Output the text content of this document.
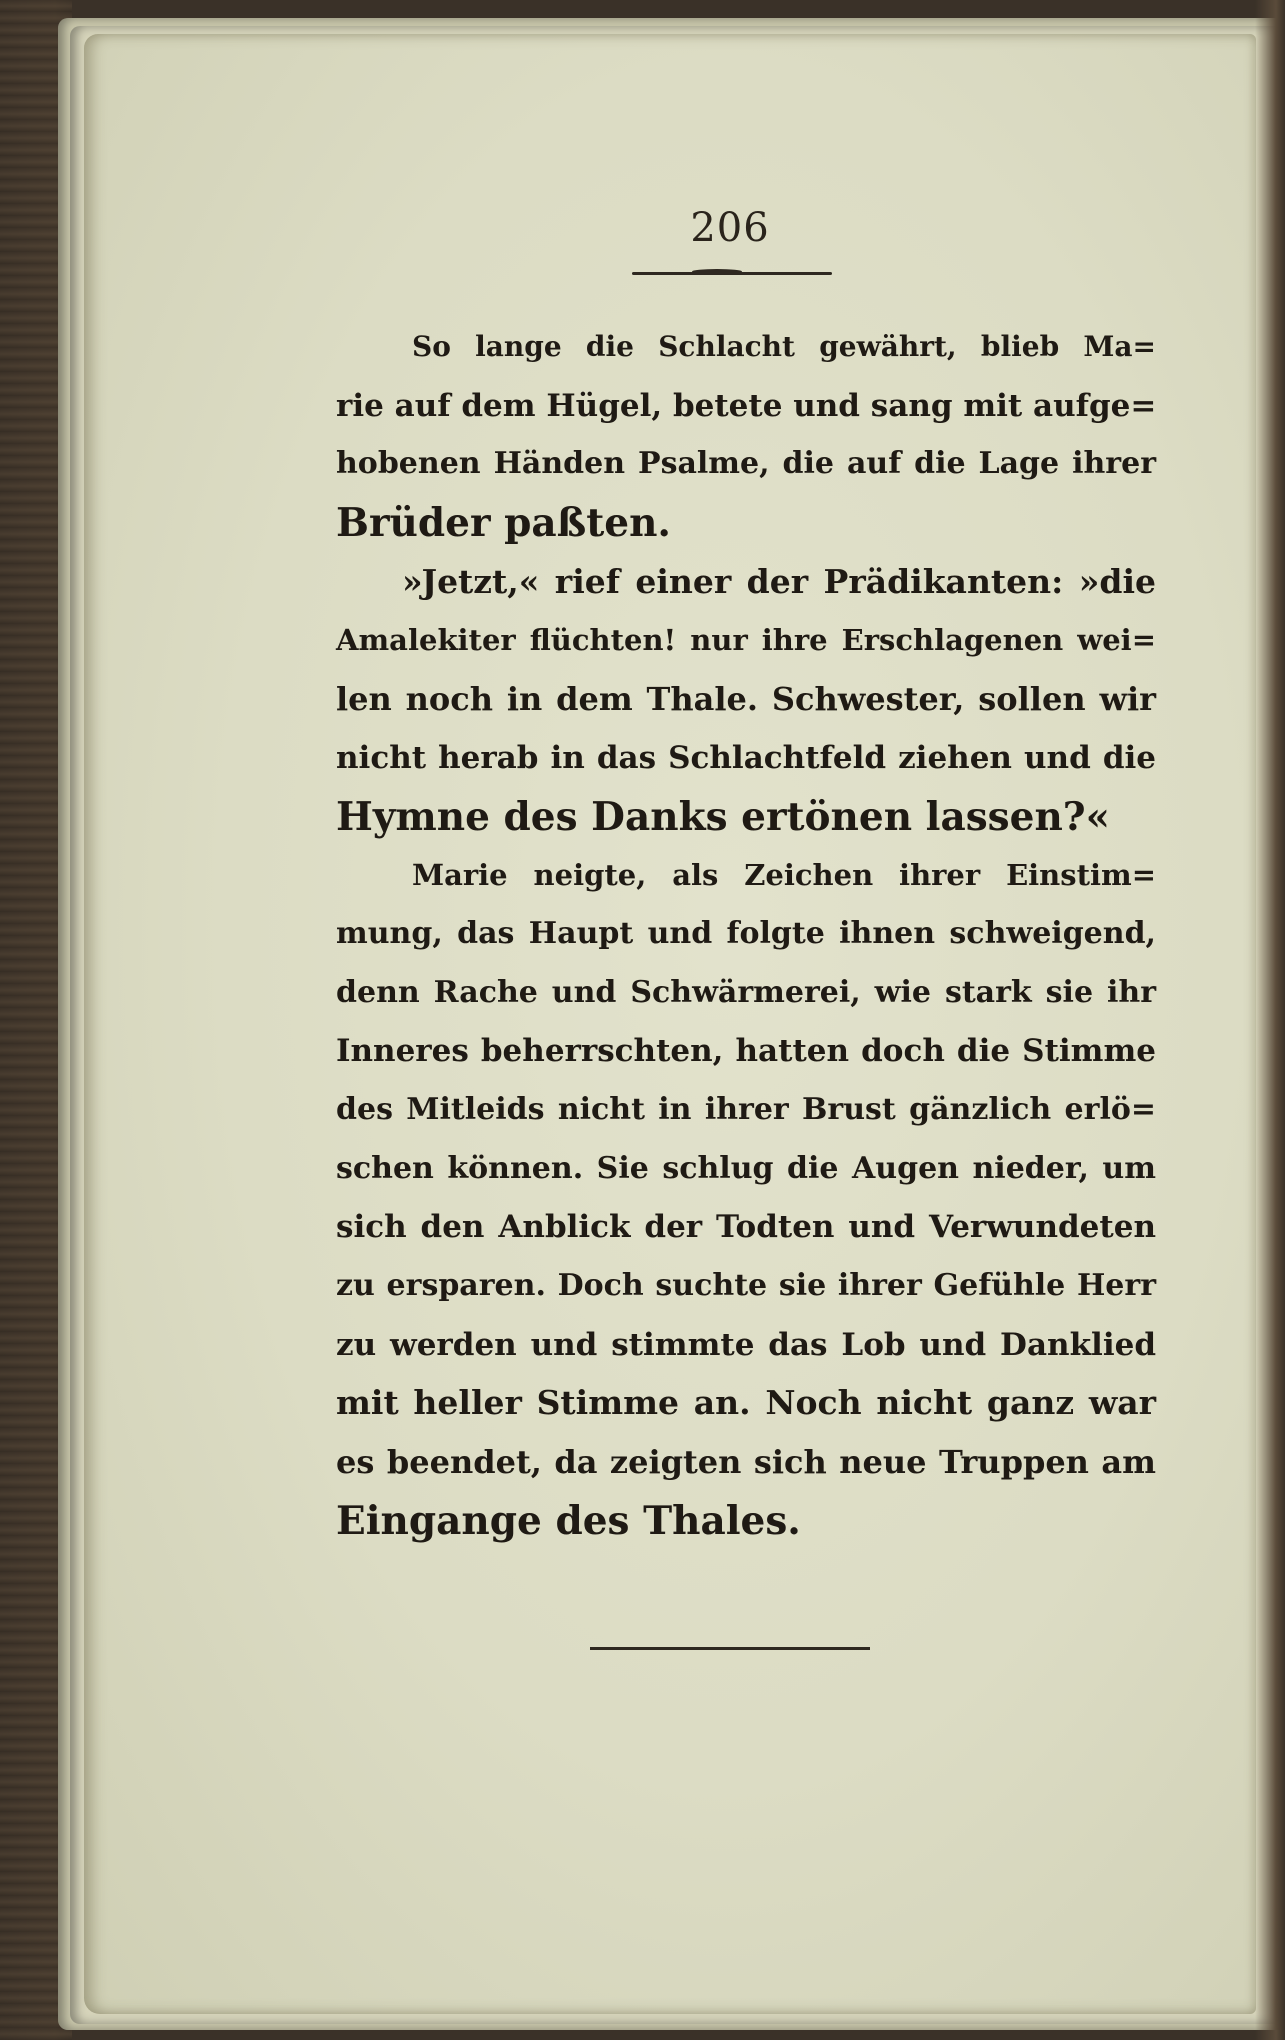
206
So lange die Schlacht gewährt, blieb Ma=
rie auf dem Hügel, betete und sang mit aufge=
hobenen Händen Psalme, die auf die Lage ihrer
Brüder paßten.
»Jetzt,« rief einer der Prädikanten: »die
Amalekiter flüchten! nur ihre Erschlagenen wei=
len noch in dem Thale. Schwester, sollen wir
nicht herab in das Schlachtfeld ziehen und die
Hymne des Danks ertönen lassen?«
Marie neigte, als Zeichen ihrer Einstim=
mung, das Haupt und folgte ihnen schweigend,
denn Rache und Schwärmerei, wie stark sie ihr
Inneres beherrschten, hatten doch die Stimme
des Mitleids nicht in ihrer Brust gänzlich erlö=
schen können. Sie schlug die Augen nieder, um
sich den Anblick der Todten und Verwundeten
zu ersparen. Doch suchte sie ihrer Gefühle Herr
zu werden und stimmte das Lob und Danklied
mit heller Stimme an. Noch nicht ganz war
es beendet, da zeigten sich neue Truppen am
Eingange des Thales.
